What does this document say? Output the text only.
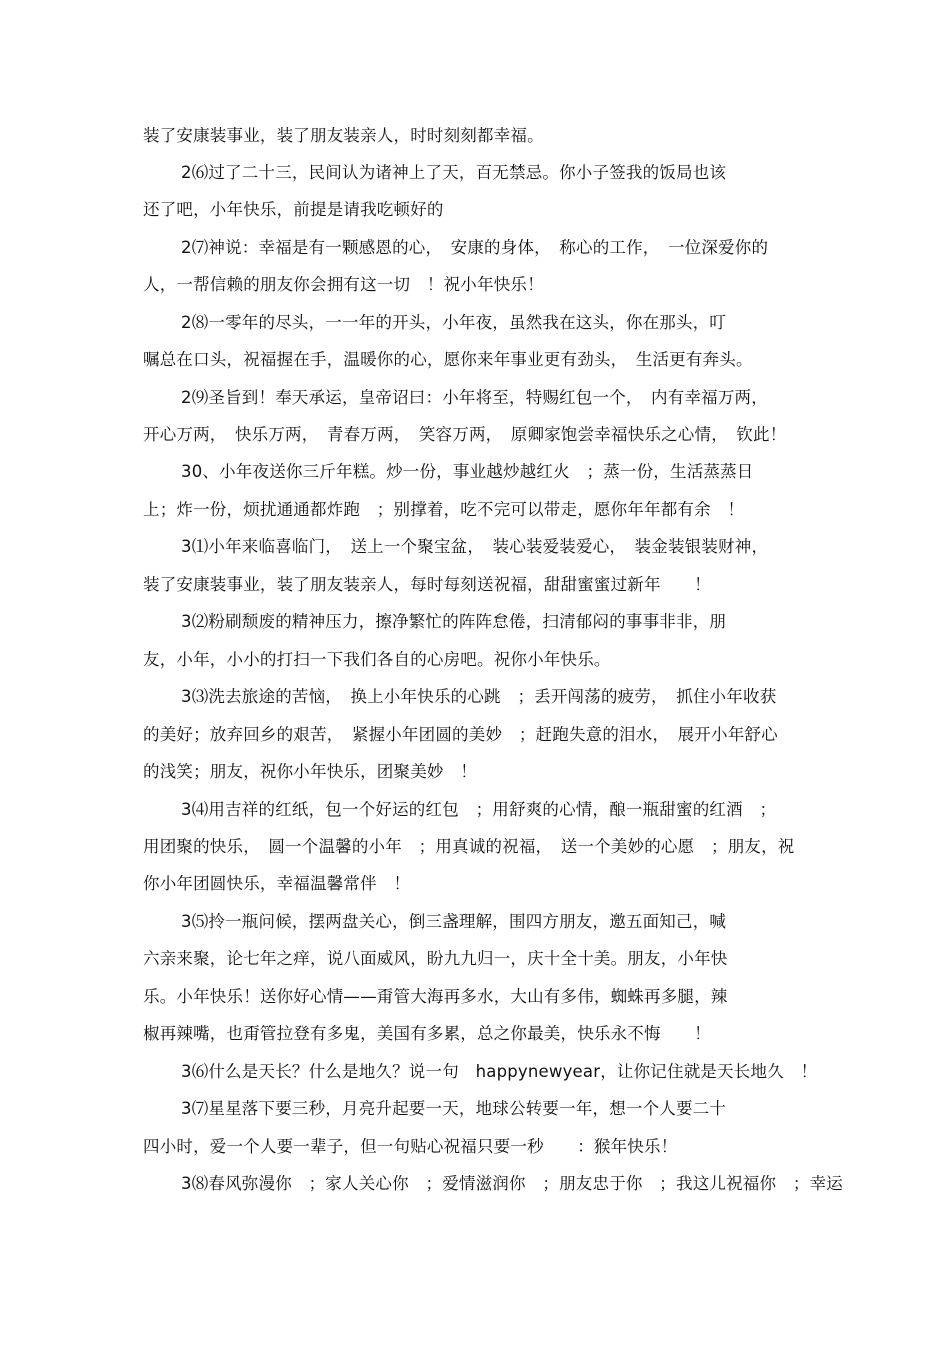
装了安康装事业，装了朋友装亲人，时时刻刻都幸福。
2⑹过了二十三，民间认为诸神上了天，百无禁忌。你小子签我的饭局也该
还了吧，小年快乐，前提是请我吃顿好的
2⑺神说：幸福是有一颗感恩的心，　安康的身体，　称心的工作，　一位深爱你的
人，一帮信赖的朋友你会拥有这一切　！祝小年快乐！
2⑻一零年的尽头，一一年的开头，小年夜，虽然我在这头，你在那头，叮
嘱总在口头，祝福握在手，温暖你的心，愿你来年事业更有劲头，　生活更有奔头。
2⑼圣旨到！奉天承运，皇帝诏曰：小年将至，特赐红包一个，　内有幸福万两，
开心万两，　快乐万两，　青春万两，　笑容万两，　原卿家饱尝幸福快乐之心情，　钦此！
30、小年夜送你三斤年糕。炒一份，事业越炒越红火　；蒸一份，生活蒸蒸日
上；炸一份，烦扰通通都炸跑　；别撑着，吃不完可以带走，愿你年年都有余　！
3⑴小年来临喜临门，　送上一个聚宝盆，　装心装爱装爱心，　装金装银装财神，
装了安康装事业，装了朋友装亲人，每时每刻送祝福，甜甜蜜蜜过新年　　！
3⑵粉刷颓废的精神压力，擦净繁忙的阵阵怠倦，扫清郁闷的事事非非，朋
友，小年，小小的打扫一下我们各自的心房吧。祝你小年快乐。
3⑶洗去旅途的苦恼，　换上小年快乐的心跳　；丢开闯荡的疲劳，　抓住小年收获
的美好；放弃回乡的艰苦，　紧握小年团圆的美妙　；赶跑失意的泪水，　展开小年舒心
的浅笑；朋友，祝你小年快乐，团聚美妙　！
3⑷用吉祥的红纸，包一个好运的红包　；用舒爽的心情，酿一瓶甜蜜的红酒　；
用团聚的快乐，　圆一个温馨的小年　；用真诚的祝福，　送一个美妙的心愿　；朋友，祝
你小年团圆快乐，幸福温馨常伴　！
3⑸拎一瓶问候，摆两盘关心，倒三盏理解，围四方朋友，邀五面知己，喊
六亲来聚，论七年之痒，说八面威风，盼九九归一，庆十全十美。朋友，小年快
乐。小年快乐！送你好心情——甭管大海再多水，大山有多伟，蜘蛛再多腿，辣
椒再辣嘴，也甭管拉登有多鬼，美国有多累，总之你最美，快乐永不悔　　！
3⑹什么是天长？什么是地久？说一句　happynewyear，让你记住就是天长地久　！
3⑺星星落下要三秒，月亮升起要一天，地球公转要一年，想一个人要二十
四小时，爱一个人要一辈子，但一句贴心祝福只要一秒　　：猴年快乐！
3⑻春风弥漫你　；家人关心你　；爱情滋润你　；朋友忠于你　；我这儿祝福你　；幸运
